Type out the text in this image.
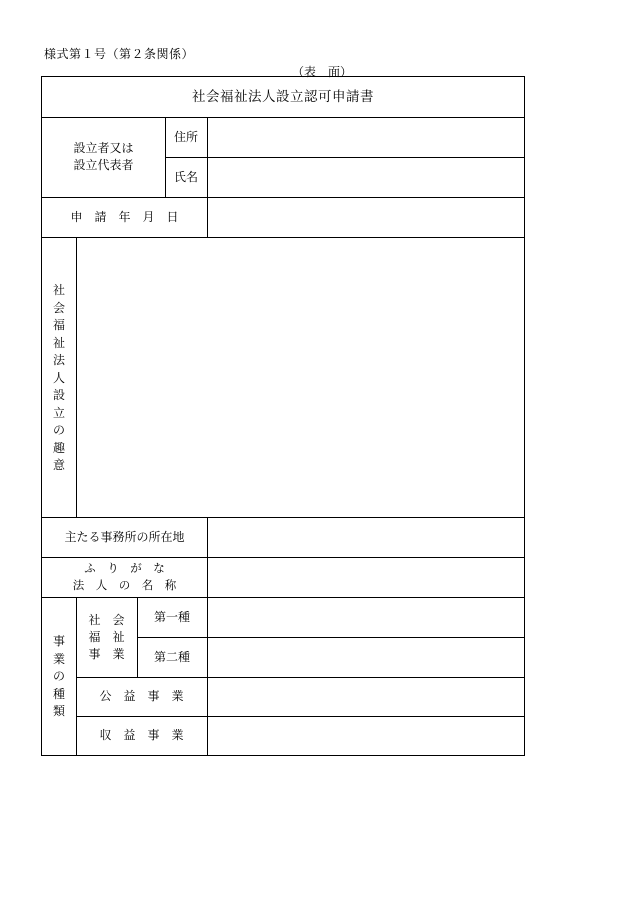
様式第１号（第２条関係）
（表　面）
社会福祉法人設立認可申請書
設立者又は
設立代表者
住所
氏名
申　請　年　月　日
社
会
福
祉
法
人
設
立
の
趣
意
主たる事務所の所在地
ふ　り　が　な
法　人　の　名　称
事
業
の
種
類
社　会
福　祉
事　業
第一種
第二種
公　益　事　業
収　益　事　業
